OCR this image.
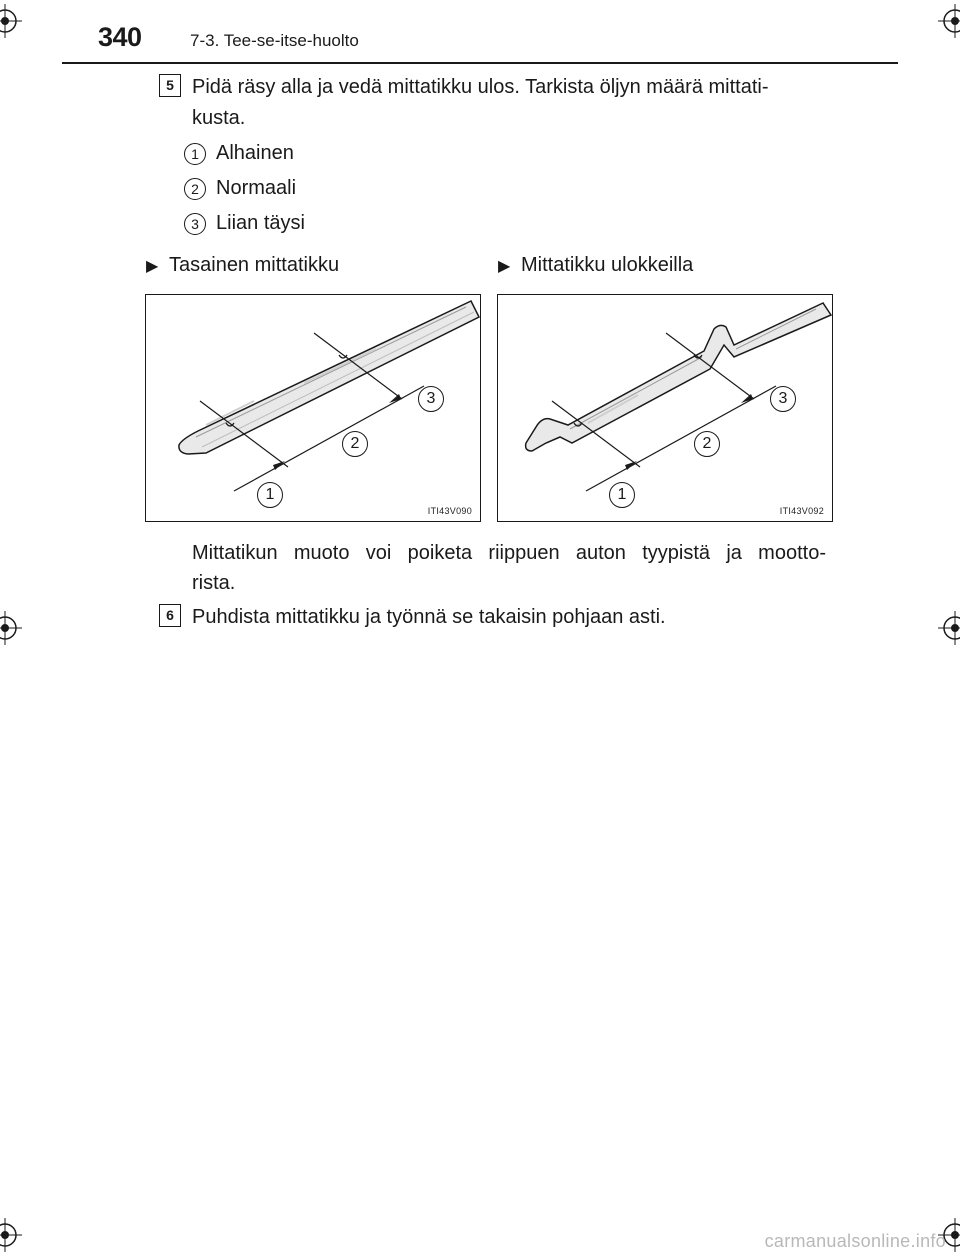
340	7-3. Tee-se-itse-huolto
5 Pidä räsy alla ja vedä mittatikku ulos. Tarkista öljyn määrä mittati-
kusta.
1 Alhainen
2 Normaali
3 Liian täysi
▶ Tasainen mittatikku	▶ Mittatikku ulokkeilla
1
2
3
ITI43V090
1
2
3
ITI43V092
Mittatikun muoto voi poiketa riippuen auton tyypistä ja mootto-
rista.
6 Puhdista mittatikku ja työnnä se takaisin pohjaan asti.
carmanualsonline.info
